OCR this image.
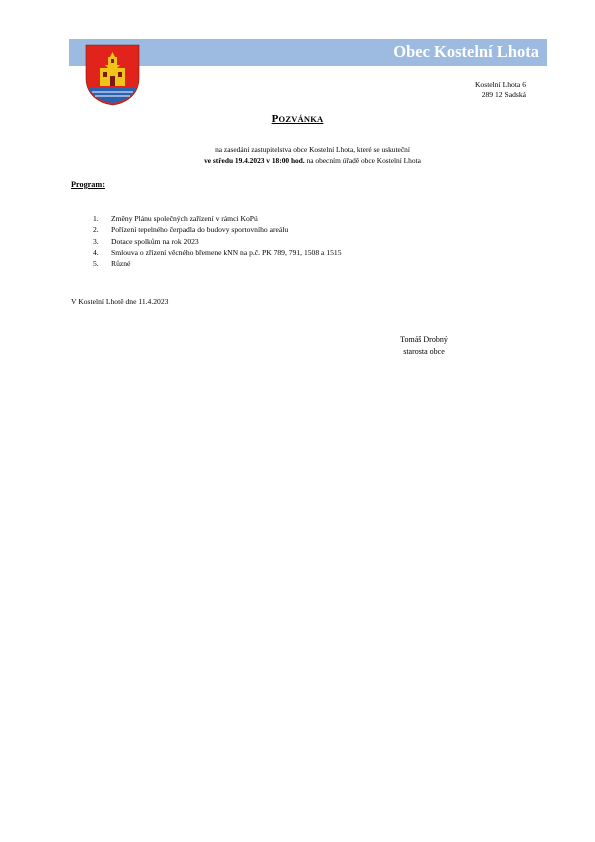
Obec Kostelní Lhota
Kostelní Lhota 6
289 12 Sadská
POZVÁNKA
na zasedání zastupitelstva obce Kostelní Lhota, které se uskuteční
ve středu 19.4.2023 v 18:00 hod. na obecním úřadě obce Kostelní Lhota
Program:
1. Změny Plánu společných zařízení v rámci KoPú
2. Pořízení tepelného čerpadla do budovy sportovního areálu
3. Dotace spolkům na rok 2023
4. Smlouva o zřízení věcného břemene kNN na p.č. PK 789, 791, 1508 a 1515
5. Různé
V Kostelní Lhotě dne 11.4.2023
Tomáš Drobný
starosta obce
